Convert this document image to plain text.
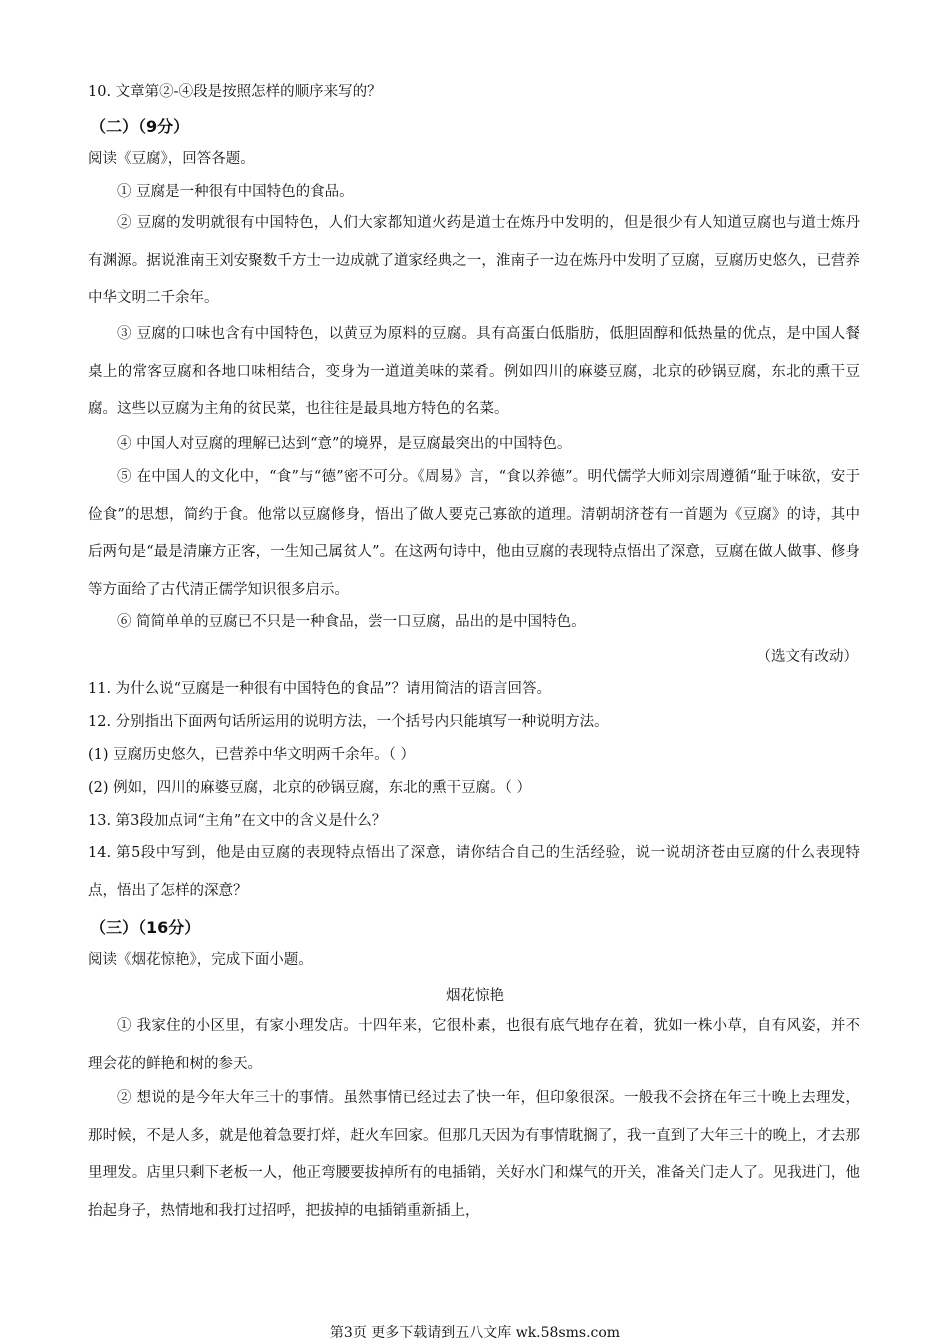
10. 文章第②-④段是按照怎样的顺序来写的？
（二）（9分）
阅读《豆腐》，回答各题。
① 豆腐是一种很有中国特色的食品。
② 豆腐的发明就很有中国特色，人们大家都知道火药是道士在炼丹中发明的，但是很少有人知道豆腐也与道士炼丹有渊源。据说淮南王刘安聚数千方士一边成就了道家经典之一，淮南子一边在炼丹中发明了豆腐，豆腐历史悠久，已营养中华文明二千余年。
③ 豆腐的口味也含有中国特色，以黄豆为原料的豆腐。具有高蛋白低脂肪，低胆固醇和低热量的优点，是中国人餐桌上的常客豆腐和各地口味相结合，变身为一道道美味的菜肴。例如四川的麻婆豆腐，北京的砂锅豆腐，东北的熏干豆腐。这些以豆腐为主角的贫民菜，也往往是最具地方特色的名菜。
④ 中国人对豆腐的理解已达到“意”的境界，是豆腐最突出的中国特色。
⑤ 在中国人的文化中，“食”与“德”密不可分。《周易》言，“食以养德”。明代儒学大师刘宗周遵循“耻于味欲，安于俭食”的思想，简约于食。他常以豆腐修身，悟出了做人要克己寡欲的道理。清朝胡济苍有一首题为《豆腐》的诗，其中后两句是“最是清廉方正客，一生知己属贫人”。在这两句诗中，他由豆腐的表现特点悟出了深意，豆腐在做人做事、修身等方面给了古代清正儒学知识很多启示。
⑥ 简简单单的豆腐已不只是一种食品，尝一口豆腐，品出的是中国特色。
（选文有改动）
11. 为什么说“豆腐是一种很有中国特色的食品”？请用简洁的语言回答。
12. 分别指出下面两句话所运用的说明方法，一个括号内只能填写一种说明方法。
(1) 豆腐历史悠久，已营养中华文明两千余年。（ ）
(2) 例如，四川的麻婆豆腐，北京的砂锅豆腐，东北的熏干豆腐。（ ）
13. 第3段加点词“主角”在文中的含义是什么？
14. 第5段中写到，他是由豆腐的表现特点悟出了深意，请你结合自己的生活经验，说一说胡济苍由豆腐的什么表现特点，悟出了怎样的深意？
（三）（16分）
阅读《烟花惊艳》，完成下面小题。
烟花惊艳
① 我家住的小区里，有家小理发店。十四年来，它很朴素，也很有底气地存在着，犹如一株小草，自有风姿，并不理会花的鲜艳和树的参天。
② 想说的是今年大年三十的事情。虽然事情已经过去了快一年，但印象很深。一般我不会挤在年三十晚上去理发，那时候，不是人多，就是他着急要打烊，赶火车回家。但那几天因为有事情耽搁了，我一直到了大年三十的晚上，才去那里理发。店里只剩下老板一人，他正弯腰要拔掉所有的电插销，关好水门和煤气的开关，准备关门走人了。见我进门，他抬起身子，热情地和我打过招呼，把拔掉的电插销重新插上，
第3页 更多下载请到五八文库 wk.58sms.com
